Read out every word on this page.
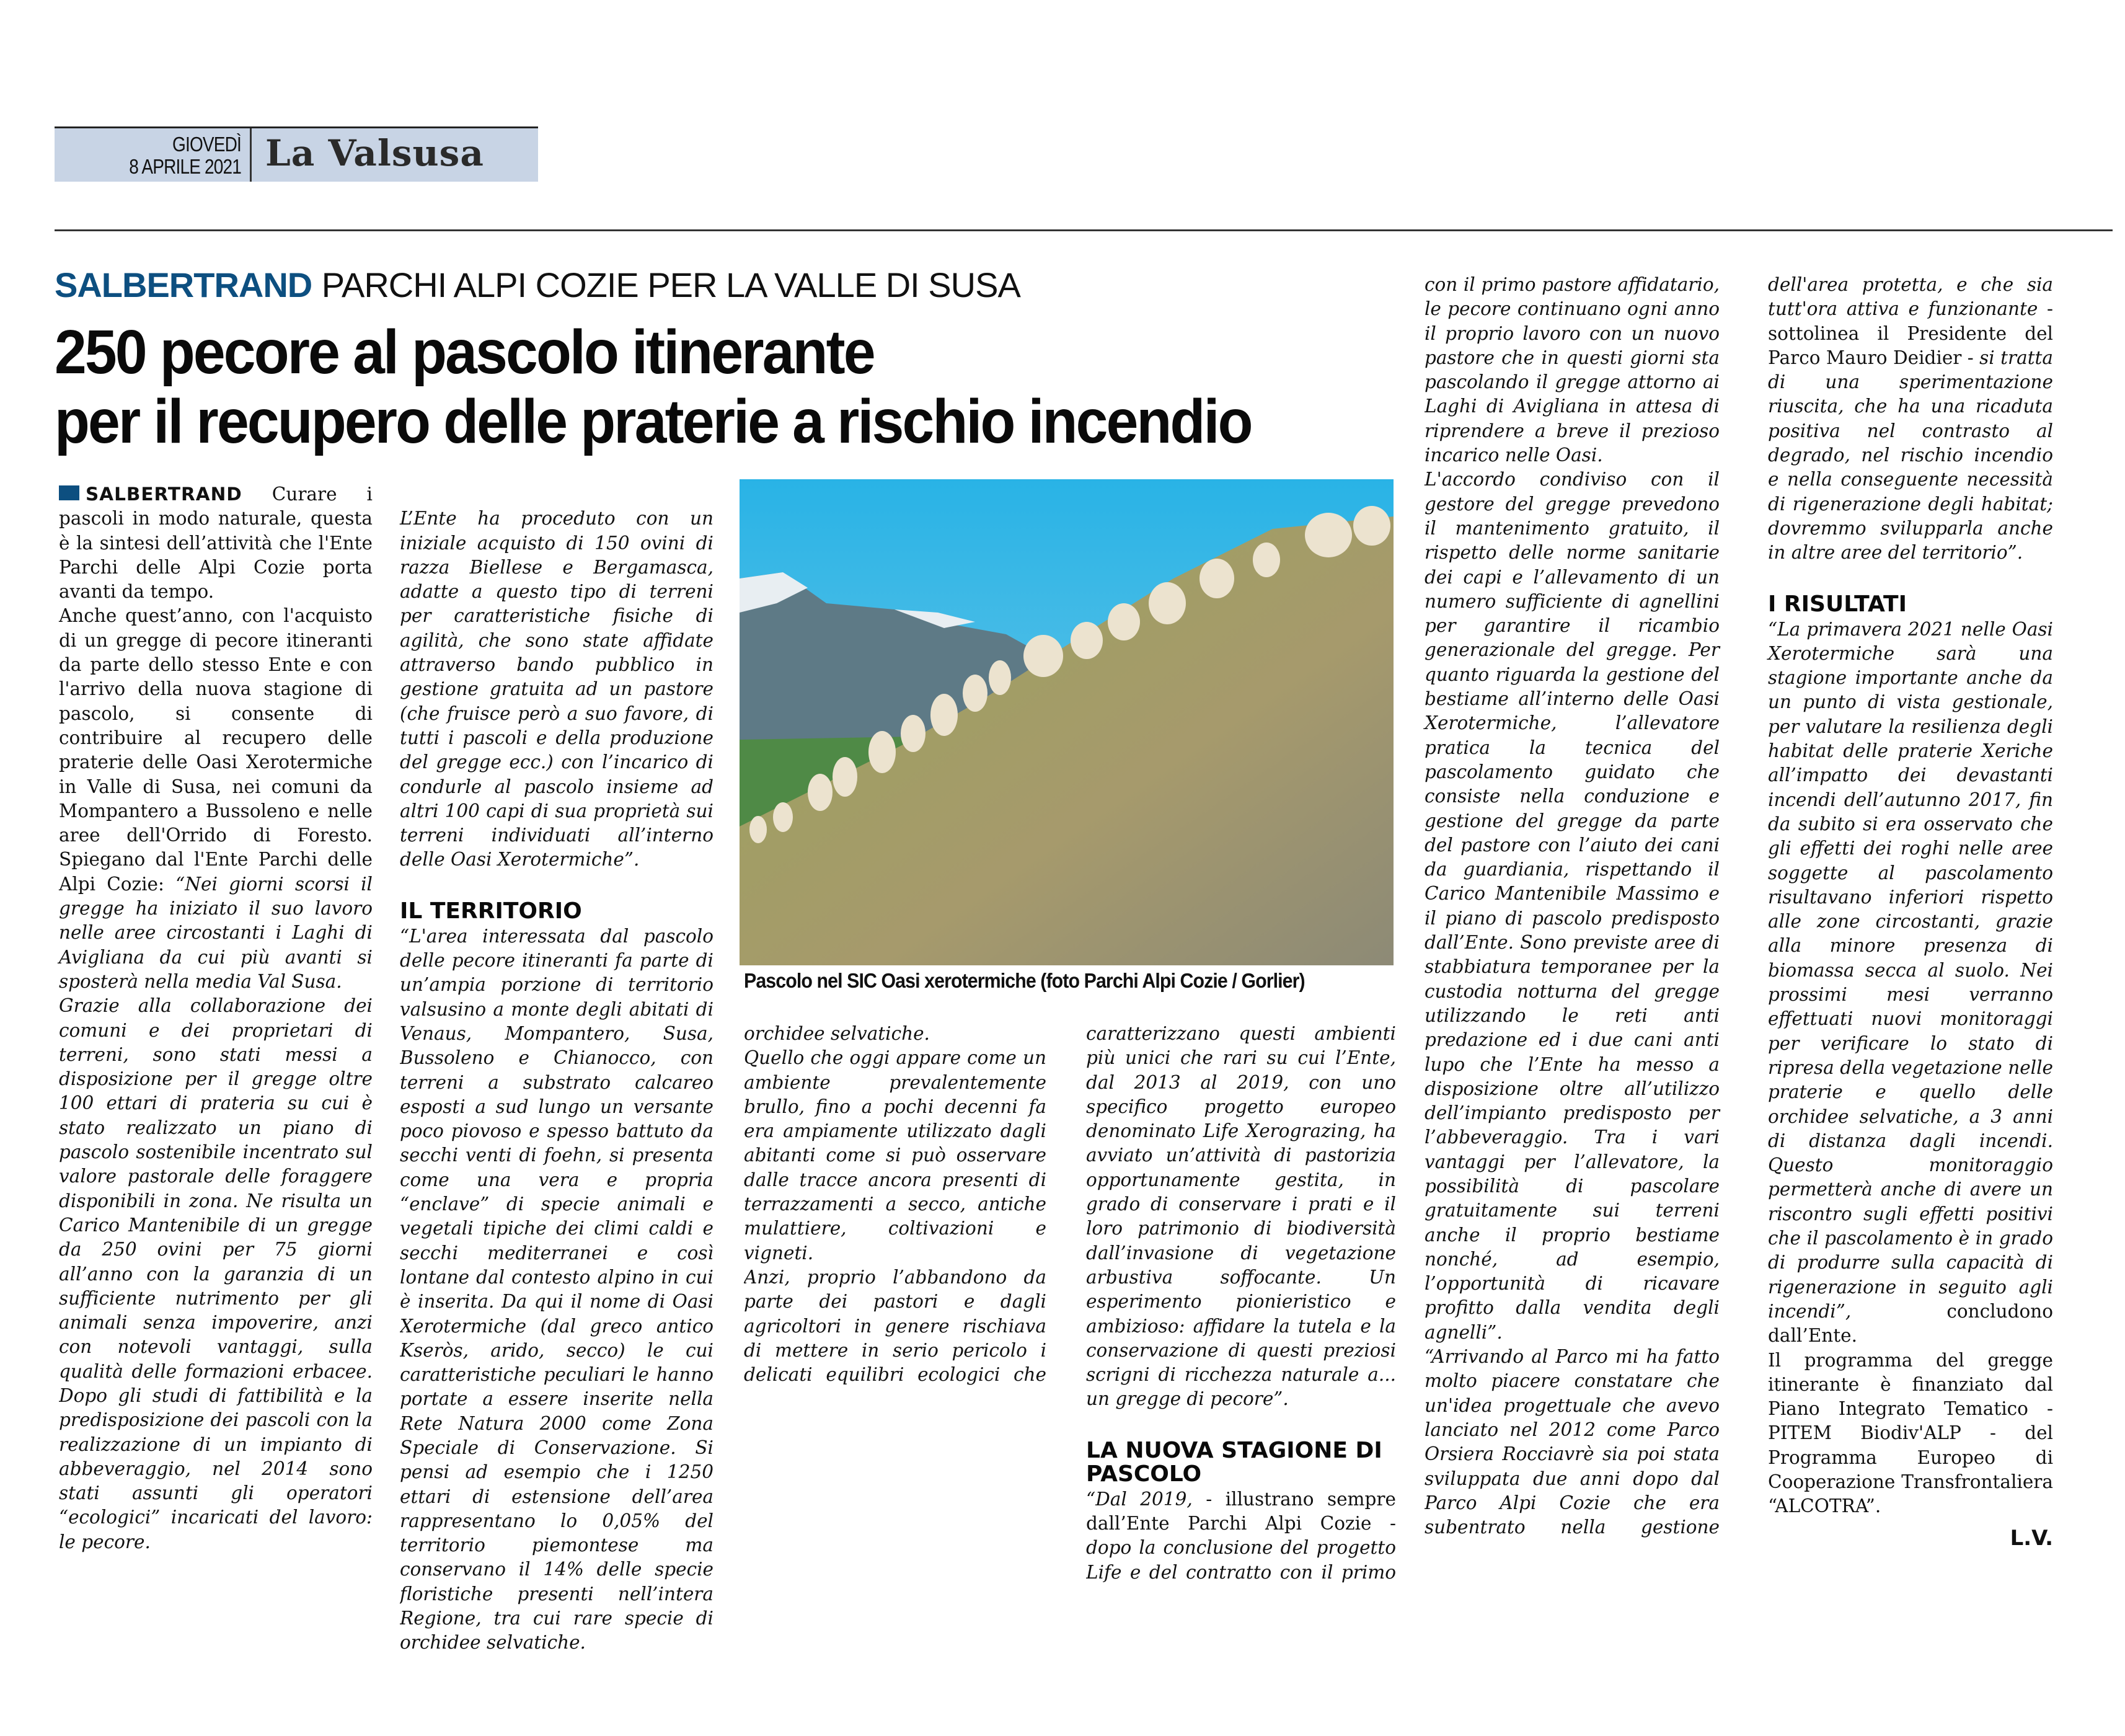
GIOVEDÌ
8 APRILE 2021 La Valsusa
SALBERTRAND PARCHI ALPI COZIE PER LA VALLE DI SUSA
250 pecore al pascolo itinerante
per il recupero delle praterie a rischio incendio

SALBERTRAND Curare i pascoli in modo naturale, questa è la sintesi dell’attività che l'Ente Parchi delle Alpi Cozie porta avanti da tempo.

Anche quest’anno, con l'acquisto di un gregge di pecore itineranti da parte dello stesso Ente e con l'arrivo della nuova stagione di pascolo, si consente di contribuire al recupero delle praterie delle Oasi Xerotermiche in Valle di Susa, nei comuni da Mompantero a Bussoleno e nelle aree dell'Orrido di Foresto. Spiegano dal l'Ente Parchi delle Alpi Cozie: “Nei giorni scorsi il gregge ha iniziato il suo lavoro nelle aree circostanti i Laghi di Avigliana da cui più avanti si sposterà nella media Val Susa.

Grazie alla collaborazione dei comuni e dei proprietari di terreni, sono stati messi a disposizione per il gregge oltre 100 ettari di prateria su cui è stato realizzato un piano di pascolo sostenibile incentrato sul valore pastorale delle foraggere disponibili in zona. Ne risulta un Carico Mantenibile di un gregge da 250 ovini per 75 giorni all’anno con la garanzia di un sufficiente nutrimento per gli animali senza impoverire, anzi con notevoli vantaggi, sulla qualità delle formazioni erbacee. Dopo gli studi di fattibilità e la predisposizione dei pascoli con la realizzazione di un impianto di abbeveraggio, nel 2014 sono stati assunti gli operatori “ecologici” incaricati del lavoro: le pecore.

L’Ente ha proceduto con un iniziale acquisto di 150 ovini di razza Biellese e Bergamasca, adatte a questo tipo di terreni per caratteristiche fisiche di agilità, che sono state affidate attraverso bando pubblico in gestione gratuita ad un pastore (che fruisce però a suo favore, di tutti i pascoli e della produzione del gregge ecc.) con l’incarico di condurle al pascolo insieme ad altri 100 capi di sua proprietà sui terreni individuati all’interno delle Oasi Xerotermiche”.

IL TERRITORIO

“L'area interessata dal pascolo delle pecore itineranti fa parte di un’ampia porzione di territorio valsusino a monte degli abitati di Venaus, Mompantero, Susa, Bussoleno e Chianocco, con terreni a substrato calcareo esposti a sud lungo un versante poco piovoso e spesso battuto da secchi venti di foehn, si presenta come una vera e propria “enclave” di specie animali e vegetali tipiche dei climi caldi e secchi mediterranei e così lontane dal contesto alpino in cui è inserita. Da qui il nome di Oasi Xerotermiche (dal greco antico Kseròs, arido, secco) le cui caratteristiche peculiari le hanno portate a essere inserite nella Rete Natura 2000 come Zona Speciale di Conservazione. Si pensi ad esempio che i 1250 ettari di estensione dell’area rappresentano lo 0,05% del territorio piemontese ma conservano il 14% delle specie floristiche presenti nell’intera Regione, tra cui rare specie di orchidee selvatiche.

Pascolo nel SIC Oasi xerotermiche (foto Parchi Alpi Cozie / Gorlier)

orchidee selvatiche.

Quello che oggi appare come un ambiente prevalentemente brullo, fino a pochi decenni fa era ampiamente utilizzato dagli abitanti come si può osservare dalle tracce ancora presenti di terrazzamenti a secco, antiche mulattiere, coltivazioni e vigneti.

Anzi, proprio l’abbandono da parte dei pastori e dagli agricoltori in genere rischiava di mettere in serio pericolo i delicati equilibri ecologici che

caratterizzano questi ambienti più unici che rari su cui l’Ente, dal 2013 al 2019, con uno specifico progetto europeo denominato Life Xerograzing, ha avviato un’attività di pastorizia opportunamente gestita, in grado di conservare i prati e il loro patrimonio di biodiversità dall’invasione di vegetazione arbustiva soffocante. Un esperimento pionieristico e ambizioso: affidare la tutela e la conservazione di questi preziosi scrigni di ricchezza naturale a... un gregge di pecore”.

LA NUOVA STAGIONE DI PASCOLO

“Dal 2019, - illustrano sempre dall’Ente Parchi Alpi Cozie - dopo la conclusione del progetto Life e del contratto con il primo

con il primo pastore affidatario, le pecore continuano ogni anno il proprio lavoro con un nuovo pastore che in questi giorni sta pascolando il gregge attorno ai Laghi di Avigliana in attesa di riprendere a breve il prezioso incarico nelle Oasi.

L'accordo condiviso con il gestore del gregge prevedono il mantenimento gratuito, il rispetto delle norme sanitarie dei capi e l’allevamento di un numero sufficiente di agnellini per garantire il ricambio generazionale del gregge. Per quanto riguarda la gestione del bestiame all’interno delle Oasi Xerotermiche, l’allevatore pratica la tecnica del pascolamento guidato che consiste nella conduzione e gestione del gregge da parte del pastore con l’aiuto dei cani da guardiania, rispettando il Carico Mantenibile Massimo e il piano di pascolo predisposto dall’Ente. Sono previste aree di stabbiatura temporanee per la custodia notturna del gregge utilizzando le reti anti predazione ed i due cani anti lupo che l’Ente ha messo a disposizione oltre all’utilizzo dell’impianto predisposto per l’abbeveraggio. Tra i vari vantaggi per l’allevatore, la possibilità di pascolare gratuitamente sui terreni anche il proprio bestiame nonché, ad esempio, l’opportunità di ricavare profitto dalla vendita degli agnelli”.

“Arrivando al Parco mi ha fatto molto piacere constatare che un'idea progettuale che avevo lanciato nel 2012 come Parco Orsiera Rocciavrè sia poi stata sviluppata due anni dopo dal Parco Alpi Cozie che era subentrato nella gestione

dell'area protetta, e che sia tutt'ora attiva e funzionante - sottolinea il Presidente del Parco Mauro Deidier - si tratta di una sperimentazione riuscita, che ha una ricaduta positiva nel contrasto al degrado, nel rischio incendio e nella conseguente necessità di rigenerazione degli habitat; dovremmo svilupparla anche in altre aree del territorio”.

I RISULTATI

“La primavera 2021 nelle Oasi Xerotermiche sarà una stagione importante anche da un punto di vista gestionale, per valutare la resilienza degli habitat delle praterie Xeriche all’impatto dei devastanti incendi dell’autunno 2017, fin da subito si era osservato che gli effetti dei roghi nelle aree soggette al pascolamento risultavano inferiori rispetto alle zone circostanti, grazie alla minore presenza di biomassa secca al suolo. Nei prossimi mesi verranno effettuati nuovi monitoraggi per verificare lo stato di ripresa della vegetazione nelle praterie e quello delle orchidee selvatiche, a 3 anni di distanza dagli incendi. Questo monitoraggio permetterà anche di avere un riscontro sugli effetti positivi che il pascolamento è in grado di produrre sulla capacità di rigenerazione in seguito agli incendi”, concludono dall’Ente.

Il programma del gregge itinerante è finanziato dal Piano Integrato Tematico - PITEM Biodiv'ALP - del Programma Europeo di Cooperazione Transfrontaliera “ALCOTRA”.

L.V.
